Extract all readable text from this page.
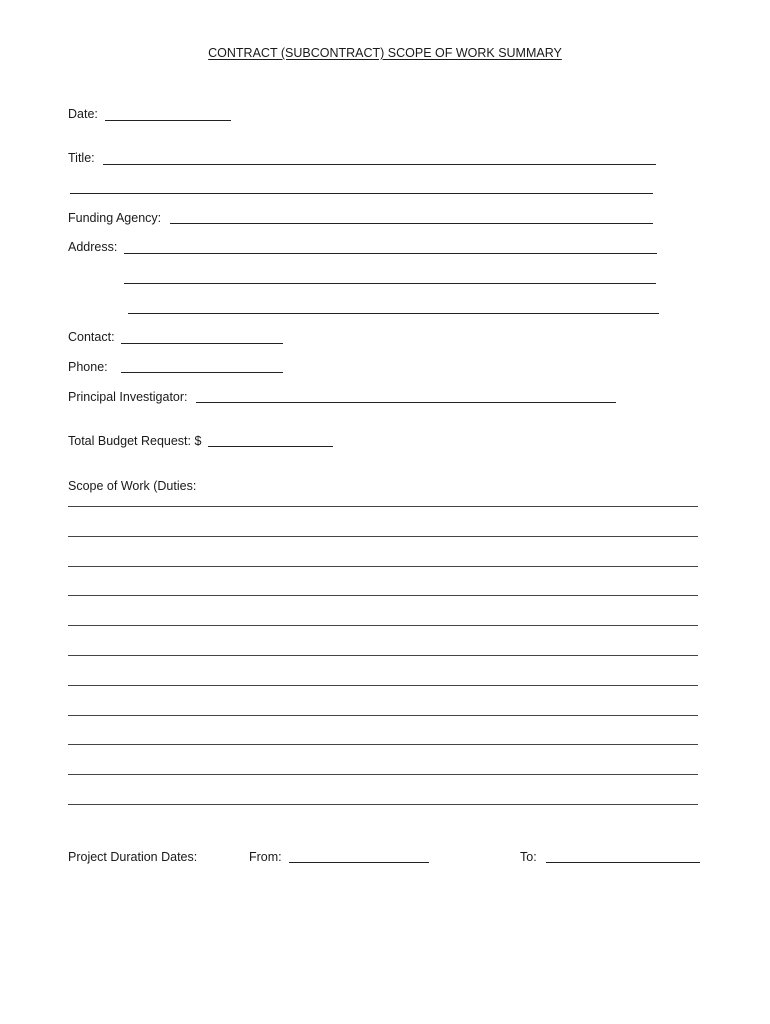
CONTRACT (SUBCONTRACT) SCOPE OF WORK SUMMARY
Date:
Title:
Funding Agency:
Address:
Contact:
Phone:
Principal Investigator:
Total Budget Request: $
Scope of Work (Duties:
Project Duration Dates:	From:	To:
